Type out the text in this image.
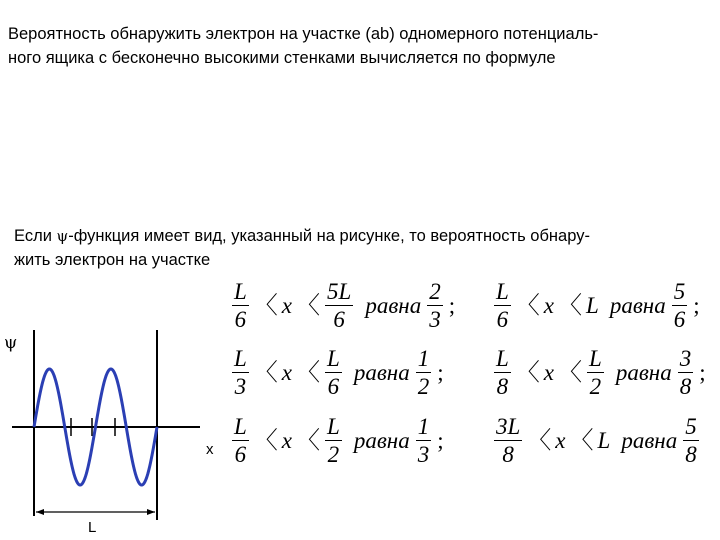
Вероятность обнаружить электрон на участке (ab) одномерного потенциаль-
ного ящика с бесконечно высокими стенками вычисляется по формуле

Если ψ-функция имеет вид, указанный на рисунке, то вероятность обнару-
жить электрон на участке

ψ
x
L
$\frac{L}{6}$ 〈 x 〈 $\frac{5L}{6}$ равна $\frac{2}{3}$ ;
$\frac{L}{3}$ 〈 x 〈 $\frac{L}{6}$ равна $\frac{1}{2}$ ;
$\frac{L}{6}$ 〈 x 〈 $\frac{L}{2}$ равна $\frac{1}{3}$ ;
$\frac{L}{6}$ 〈 x 〈 L равна $\frac{5}{6}$ ;
$\frac{L}{8}$ 〈 x 〈 $\frac{L}{2}$ равна $\frac{3}{8}$ ;
$\frac{3L}{8}$ 〈 x 〈 L равна $\frac{5}{8}$
